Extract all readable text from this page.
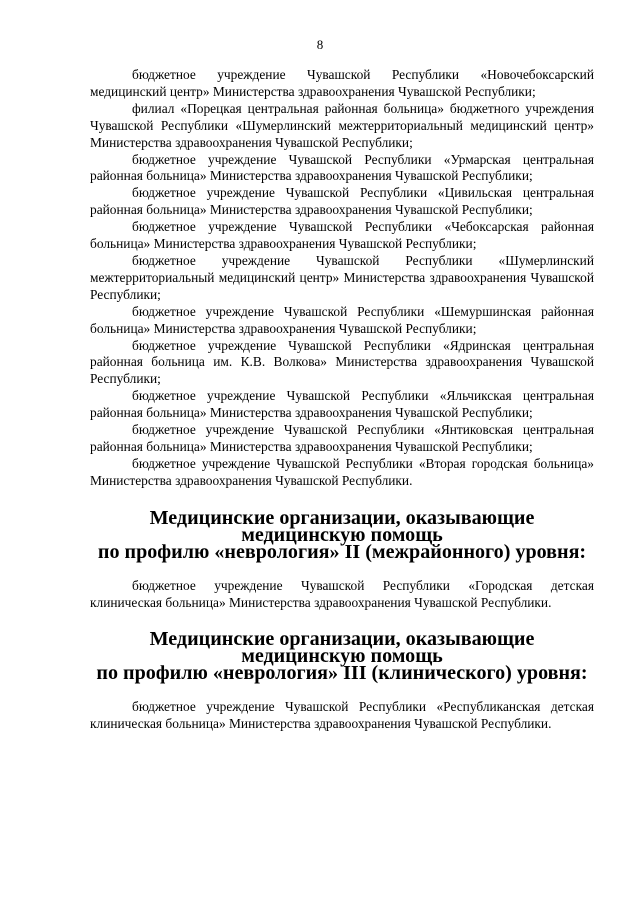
8

бюджетное учреждение Чувашской Республики «Новочебоксарский медицинский центр» Министерства здравоохранения Чувашской Республики;

филиал «Порецкая центральная районная больница» бюджетного учреждения Чувашской Республики «Шумерлинский межтерриториальный медицинский центр» Министерства здравоохранения Чувашской Республики;

бюджетное учреждение Чувашской Республики «Урмарская центральная районная больница» Министерства здравоохранения Чувашской Республики;

бюджетное учреждение Чувашской Республики «Цивильская центральная районная больница» Министерства здравоохранения Чувашской Республики;

бюджетное учреждение Чувашской Республики «Чебоксарская районная больница» Министерства здравоохранения Чувашской Республики;

бюджетное учреждение Чувашской Республики «Шумерлинский межтерриториальный медицинский центр» Министерства здравоохранения Чувашской Республики;

бюджетное учреждение Чувашской Республики «Шемуршинская районная больница» Министерства здравоохранения Чувашской Республики;

бюджетное учреждение Чувашской Республики «Ядринская центральная районная больница им. К.В. Волкова» Министерства здравоохранения Чувашской Республики;

бюджетное учреждение Чувашской Республики «Яльчикская центральная районная больница» Министерства здравоохранения Чувашской Республики;

бюджетное учреждение Чувашской Республики «Янтиковская центральная районная больница» Министерства здравоохранения Чувашской Республики;

бюджетное учреждение Чувашской Республики «Вторая городская больница» Министерства здравоохранения Чувашской Республики.

Медицинские организации, оказывающие медицинскую помощь
по профилю «неврология» II (межрайонного) уровня:

бюджетное учреждение Чувашской Республики «Городская детская клиническая больница» Министерства здравоохранения Чувашской Республики.

Медицинские организации, оказывающие медицинскую помощь
по профилю «неврология» III (клинического) уровня:

бюджетное учреждение Чувашской Республики «Республиканская детская клиническая больница» Министерства здравоохранения Чувашской Республики.
